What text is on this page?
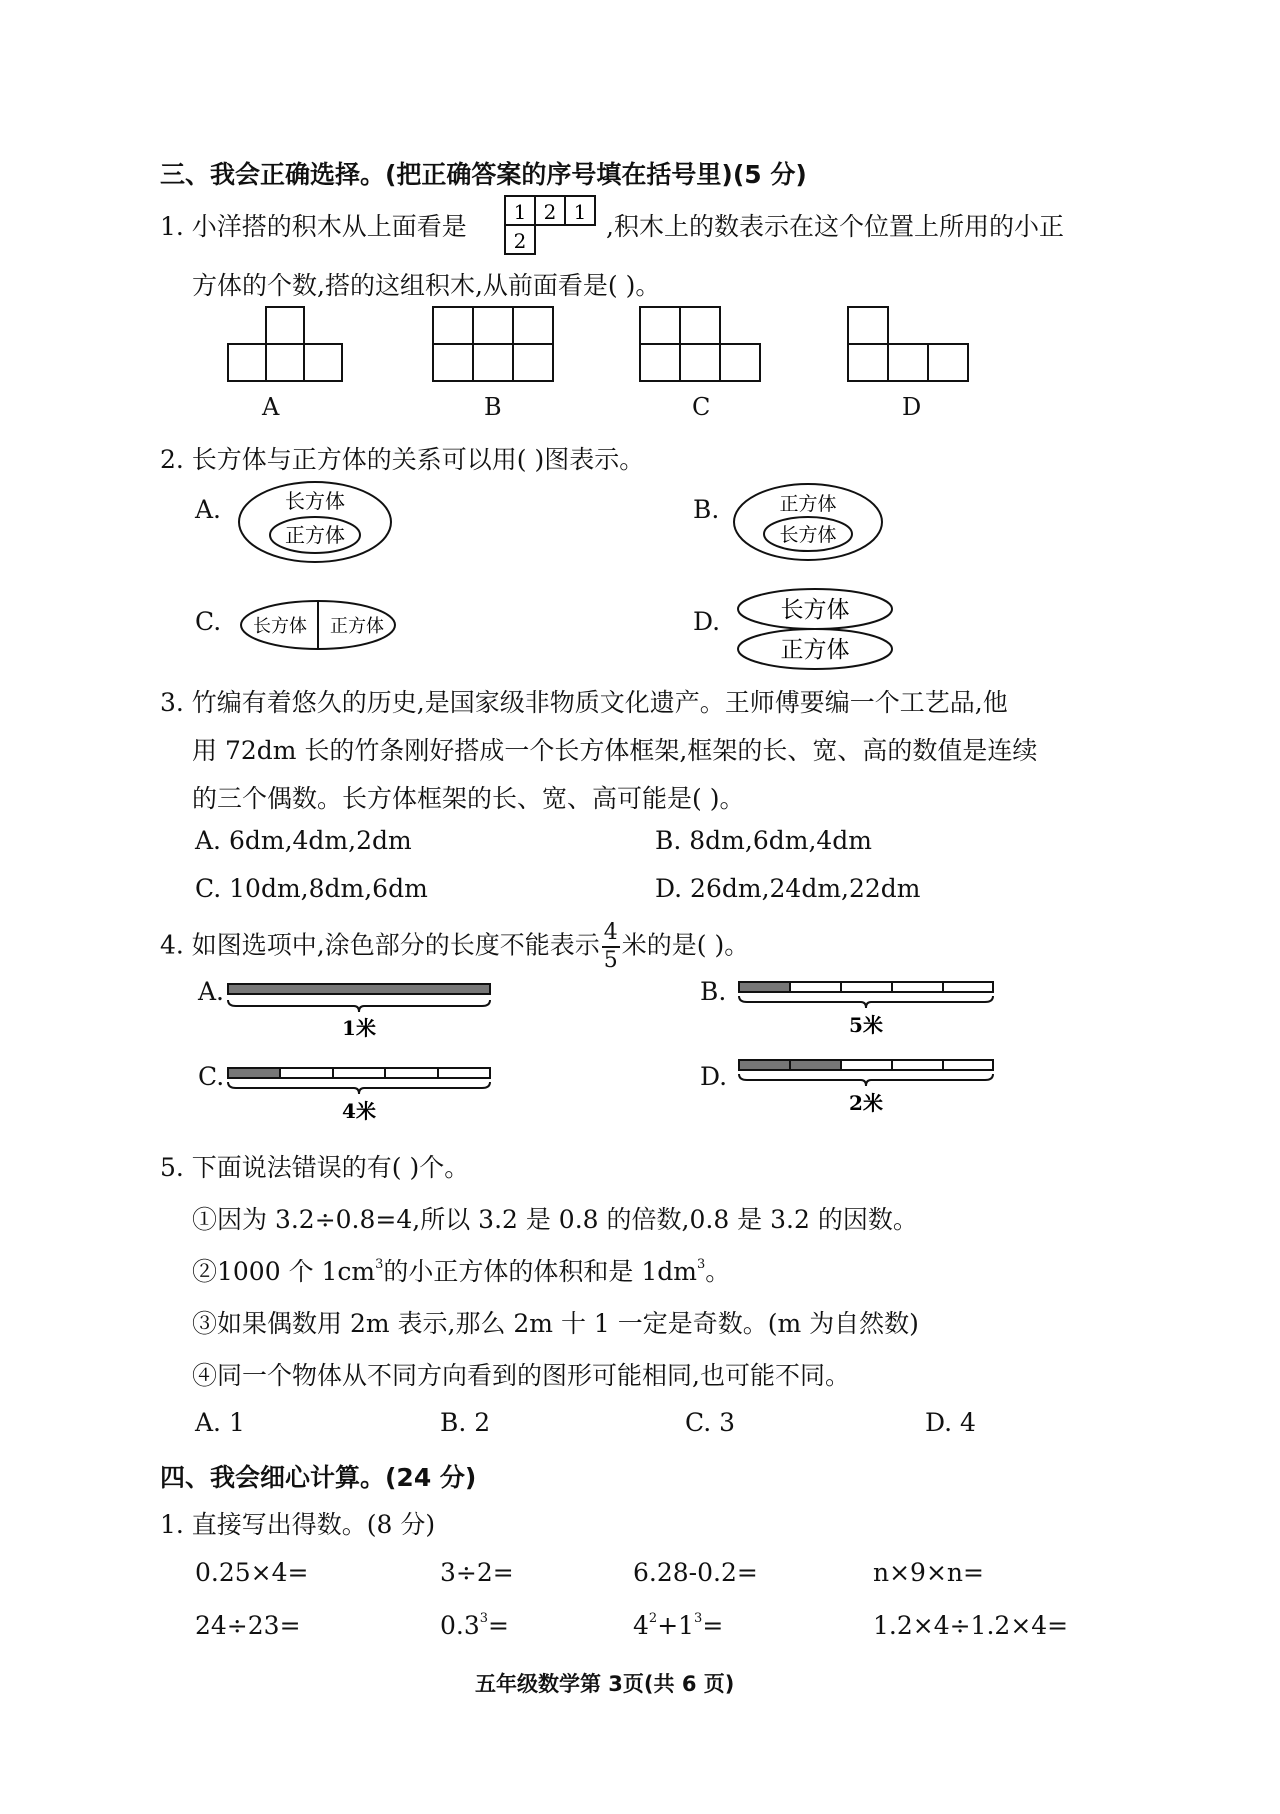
三、我会正确选择。(把正确答案的序号填在括号里)(5 分)
1. 小洋搭的积木从上面看是 1 2 1
2	,积木上的数表示在这个位置上所用的小正
方体的个数,搭的这组积木,从前面看是( )。
A	B	C	D
2. 长方体与正方体的关系可以用( )图表示。
A.	长方体
正方体
B.	正方体
长方体
C. 长方体 正方体	D.	长方体
正方体
3. 竹编有着悠久的历史,是国家级非物质文化遗产。王师傅要编一个工艺品,他
用 72dm 长的竹条刚好搭成一个长方体框架,框架的长、宽、高的数值是连续
的三个偶数。长方体框架的长、宽、高可能是( )。
A. 6dm,4dm,2dm	B. 8dm,6dm,4dm
C. 10dm,8dm,6dm	D. 26dm,24dm,22dm
4. 如图选项中,涂色部分的长度不能表示 $\frac{4}{5}$ 米的是( )。
A.
1米
B.
5米
C.
4米
D.
2米
5. 下面说法错误的有( )个。
①因为 3.2÷0.8=4,所以 3.2 是 0.8 的倍数,0.8 是 3.2 的因数。
②1000 个 $1cm^3$的小正方体的体积和是 $1dm^3$。
③如果偶数用 2m 表示,那么 2m 十 1 一定是奇数。(m 为自然数)
④同一个物体从不同方向看到的图形可能相同,也可能不同。
A. 1	B. 2	C. 3	D. 4
四、我会细心计算。(24 分)
1. 直接写出得数。(8 分)
0.25×4=	3÷2=	6.28-0.2=	n×9×n=
24÷23=	$0.3^3=$	$4^2+1^3=$	1.2×4÷1.2×4=
五年级数学第 3页(共 6 页)
